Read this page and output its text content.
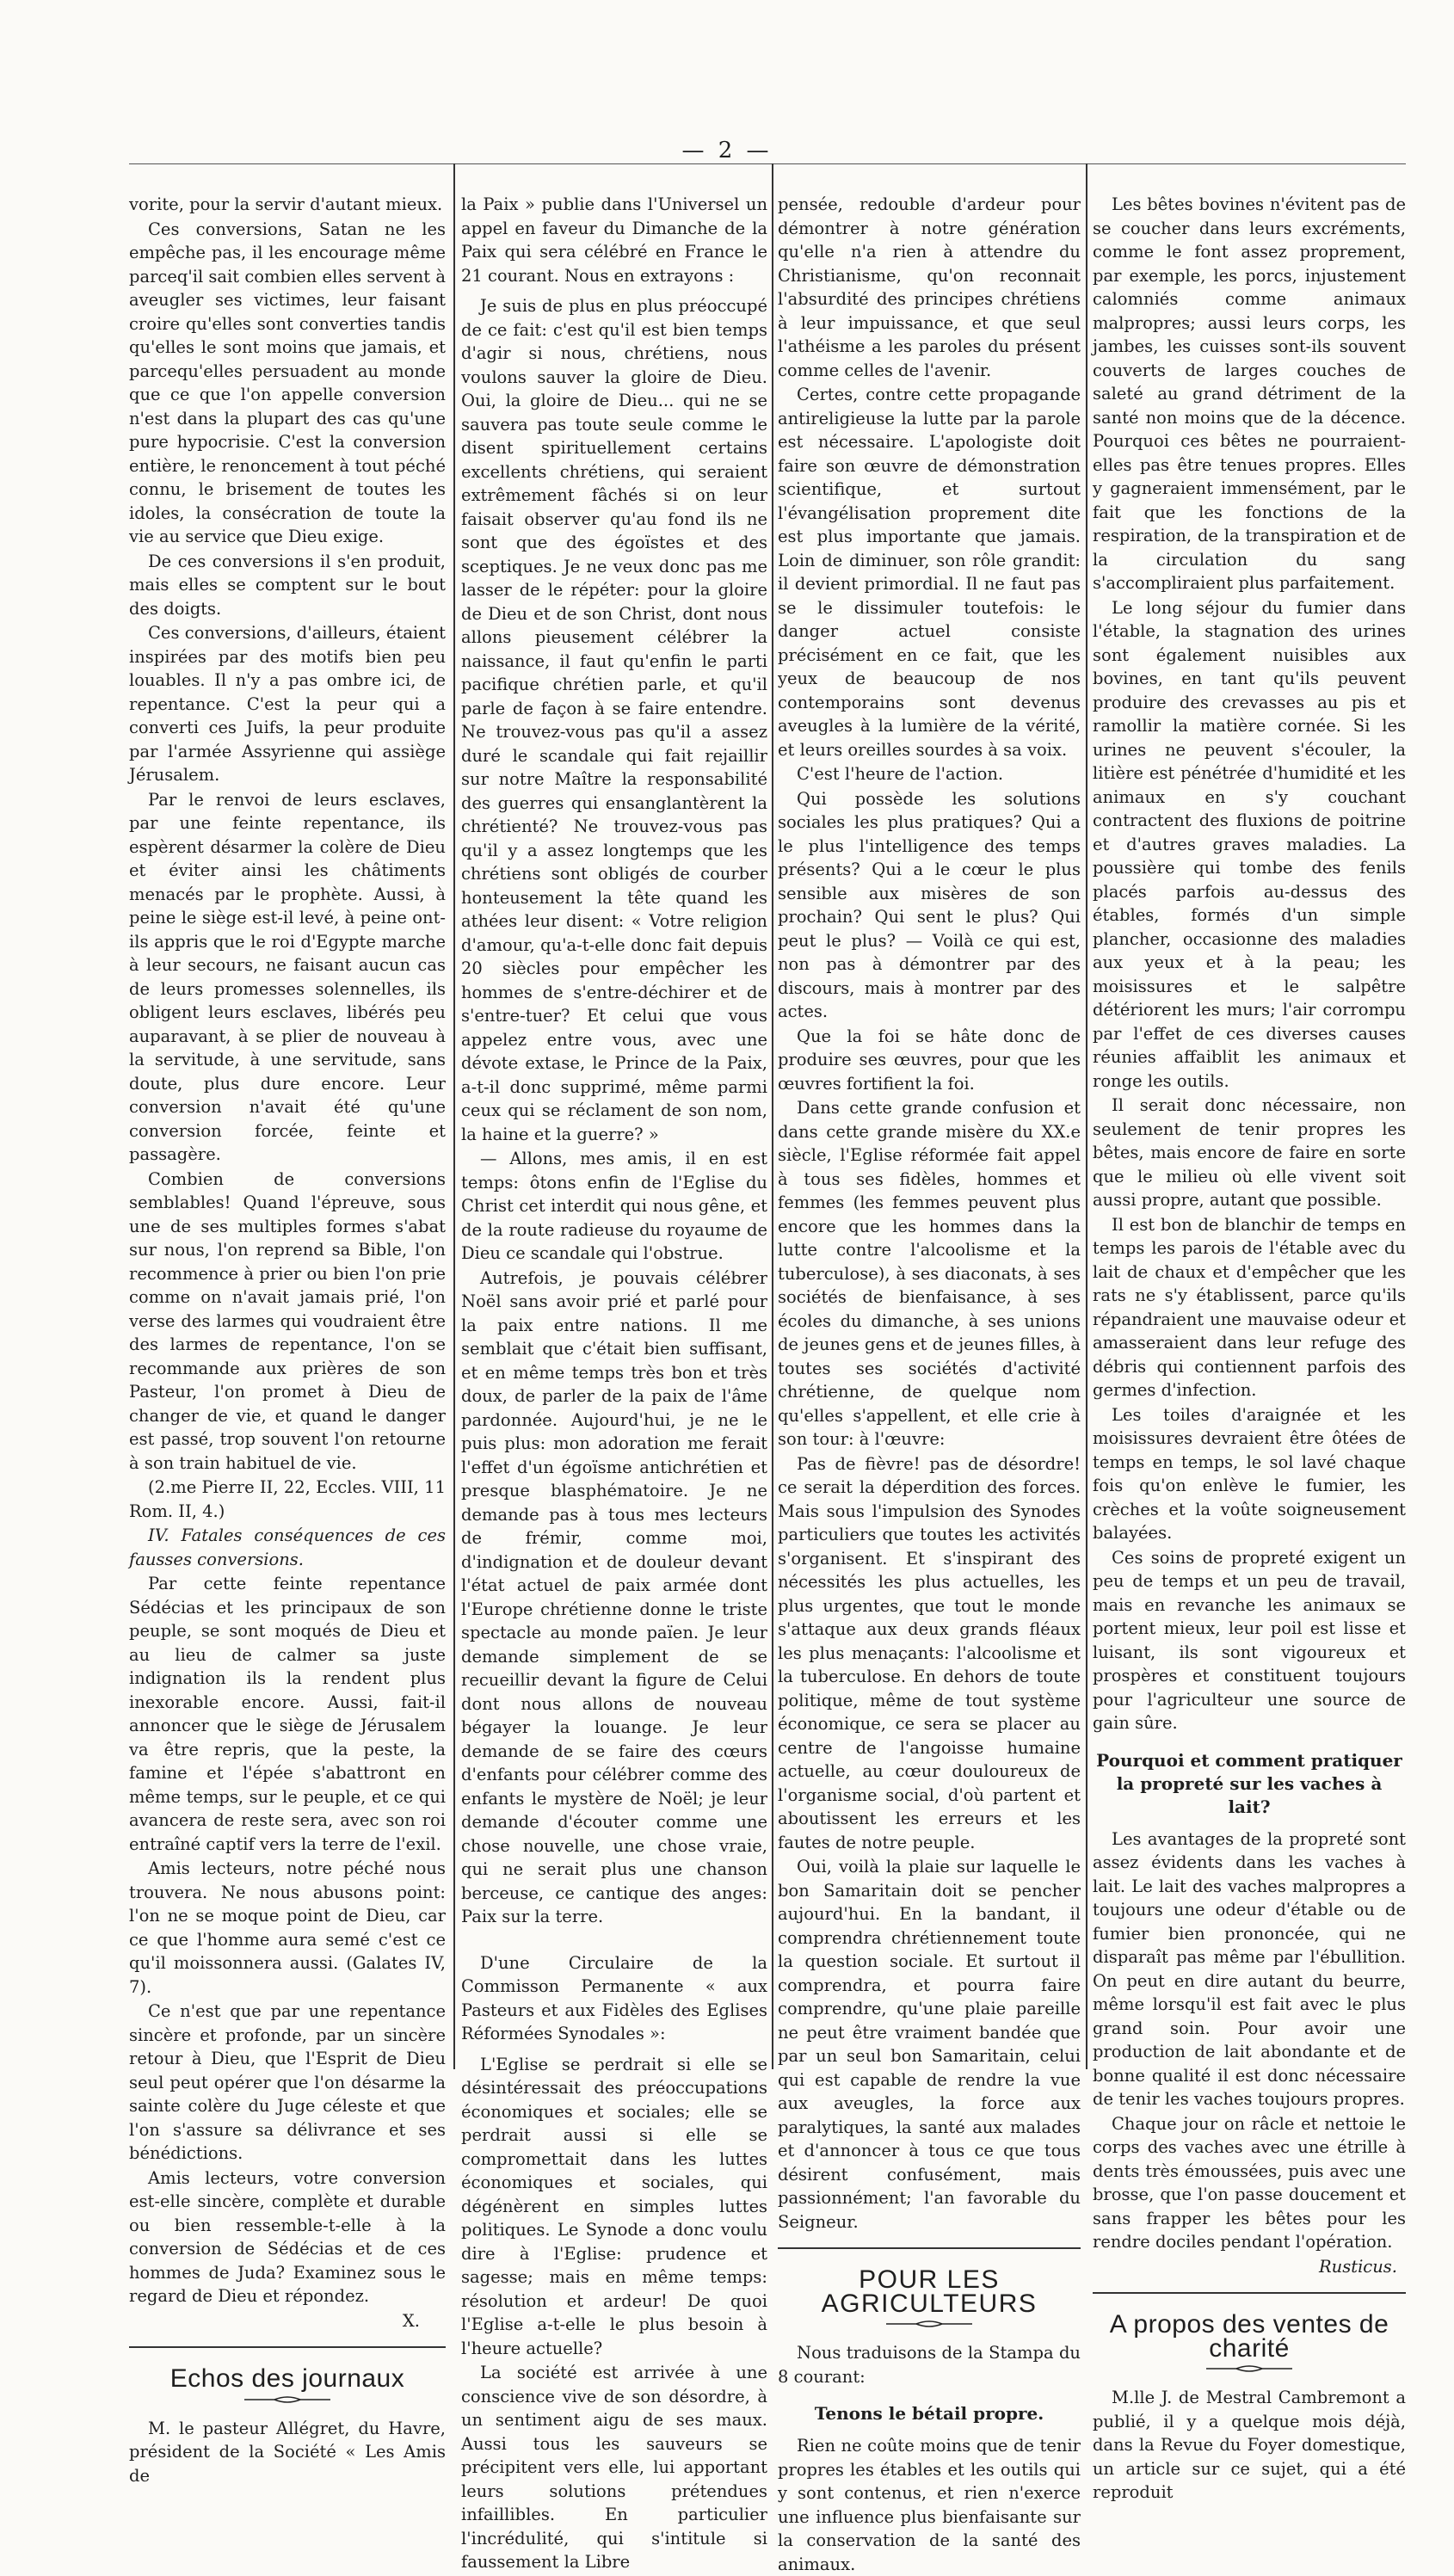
— 2 —

vorite, pour la servir d'autant mieux.

Ces conversions, Satan ne les empêche pas, il les encourage même parceq'il sait combien elles servent à aveugler ses victimes, leur faisant croire qu'elles sont converties tandis qu'elles le sont moins que jamais, et parcequ'elles persuadent au monde que ce que l'on appelle conversion n'est dans la plupart des cas qu'une pure hypocrisie. C'est la conversion entière, le renoncement à tout péché connu, le brisement de toutes les idoles, la consécration de toute la vie au service que Dieu exige.

De ces conversions il s'en produit, mais elles se comptent sur le bout des doigts.

Ces conversions, d'ailleurs, étaient inspirées par des motifs bien peu louables. Il n'y a pas ombre ici, de repentance. C'est la peur qui a converti ces Juifs, la peur produite par l'armée Assyrienne qui assiège Jérusalem.

Par le renvoi de leurs esclaves, par une feinte repentance, ils espèrent désarmer la colère de Dieu et éviter ainsi les châtiments menacés par le prophète. Aussi, à peine le siège est-il levé, à peine ont-ils appris que le roi d'Egypte marche à leur secours, ne faisant aucun cas de leurs promesses solennelles, ils obligent leurs esclaves, libérés peu auparavant, à se plier de nouveau à la servitude, à une servitude, sans doute, plus dure encore. Leur conversion n'avait été qu'une conversion forcée, feinte et passagère.

Combien de conversions semblables! Quand l'épreuve, sous une de ses multiples formes s'abat sur nous, l'on reprend sa Bible, l'on recommence à prier ou bien l'on prie comme on n'avait jamais prié, l'on verse des larmes qui voudraient être des larmes de repentance, l'on se recommande aux prières de son Pasteur, l'on promet à Dieu de changer de vie, et quand le danger est passé, trop souvent l'on retourne à son train habituel de vie.

(2.me Pierre II, 22, Eccles. VIII, 11 Rom. II, 4.)

IV. Fatales conséquences de ces fausses conversions.

Par cette feinte repentance Sédécias et les principaux de son peuple, se sont moqués de Dieu et au lieu de calmer sa juste indignation ils la rendent plus inexorable encore. Aussi, fait-il annoncer que le siège de Jérusalem va être repris, que la peste, la famine et l'épée s'abattront en même temps, sur le peuple, et ce qui avancera de reste sera, avec son roi entraîné captif vers la terre de l'exil.

Amis lecteurs, notre péché nous trouvera. Ne nous abusons point: l'on ne se moque point de Dieu, car ce que l'homme aura semé c'est ce qu'il moissonnera aussi. (Galates IV, 7).

Ce n'est que par une repentance sincère et profonde, par un sincère retour à Dieu, que l'Esprit de Dieu seul peut opérer que l'on désarme la sainte colère du Juge céleste et que l'on s'assure sa délivrance et ses bénédictions.

Amis lecteurs, votre conversion est-elle sincère, complète et durable ou bien ressemble-t-elle à la conversion de Sédécias et de ces hommes de Juda? Examinez sous le regard de Dieu et répondez.

X.

Echos des journaux

M. le pasteur Allégret, du Havre, président de la Société « Les Amis de

la Paix » publie dans l'Universel un appel en faveur du Dimanche de la Paix qui sera célébré en France le 21 courant. Nous en extrayons :

Je suis de plus en plus préoccupé de ce fait: c'est qu'il est bien temps d'agir si nous, chrétiens, nous voulons sauver la gloire de Dieu. Oui, la gloire de Dieu... qui ne se sauvera pas toute seule comme le disent spirituellement certains excellents chrétiens, qui seraient extrêmement fâchés si on leur faisait observer qu'au fond ils ne sont que des égoïstes et des sceptiques. Je ne veux donc pas me lasser de le répéter: pour la gloire de Dieu et de son Christ, dont nous allons pieusement célébrer la naissance, il faut qu'enfin le parti pacifique chrétien parle, et qu'il parle de façon à se faire entendre. Ne trouvez-vous pas qu'il a assez duré le scandale qui fait rejaillir sur notre Maître la responsabilité des guerres qui ensanglantèrent la chrétienté? Ne trouvez-vous pas qu'il y a assez longtemps que les chrétiens sont obligés de courber honteusement la tête quand les athées leur disent: « Votre religion d'amour, qu'a-t-elle donc fait depuis 20 siècles pour empêcher les hommes de s'entre-déchirer et de s'entre-tuer? Et celui que vous appelez entre vous, avec une dévote extase, le Prince de la Paix, a-t-il donc supprimé, même parmi ceux qui se réclament de son nom, la haine et la guerre? »

— Allons, mes amis, il en est temps: ôtons enfin de l'Eglise du Christ cet interdit qui nous gêne, et de la route radieuse du royaume de Dieu ce scandale qui l'obstrue.

Autrefois, je pouvais célébrer Noël sans avoir prié et parlé pour la paix entre nations. Il me semblait que c'était bien suffisant, et en même temps très bon et très doux, de parler de la paix de l'âme pardonnée. Aujourd'hui, je ne le puis plus: mon adoration me ferait l'effet d'un égoïsme antichrétien et presque blasphématoire. Je ne demande pas à tous mes lecteurs de frémir, comme moi, d'indignation et de douleur devant l'état actuel de paix armée dont l'Europe chrétienne donne le triste spectacle au monde païen. Je leur demande simplement de se recueillir devant la figure de Celui dont nous allons de nouveau bégayer la louange. Je leur demande de se faire des cœurs d'enfants pour célébrer comme des enfants le mystère de Noël; je leur demande d'écouter comme une chose nouvelle, une chose vraie, qui ne serait plus une chanson berceuse, ce cantique des anges: Paix sur la terre.

D'une Circulaire de la Commisson Permanente « aux Pasteurs et aux Fidèles des Eglises Réformées Synodales »:

L'Eglise se perdrait si elle se désintéressait des préoccupations économiques et sociales; elle se perdrait aussi si elle se compromettait dans les luttes économiques et sociales, qui dégénèrent en simples luttes politiques. Le Synode a donc voulu dire à l'Eglise: prudence et sagesse; mais en même temps: résolution et ardeur! De quoi l'Eglise a-t-elle le plus besoin à l'heure actuelle?

La société est arrivée à une conscience vive de son désordre, à un sentiment aigu de ses maux. Aussi tous les sauveurs se précipitent vers elle, lui apportant leurs solutions prétendues infaillibles. En particulier l'incrédulité, qui s'intitule si faussement la Libre

pensée, redouble d'ardeur pour démontrer à notre génération qu'elle n'a rien à attendre du Christianisme, qu'on reconnait l'absurdité des principes chrétiens à leur impuissance, et que seul l'athéisme a les paroles du présent comme celles de l'avenir.

Certes, contre cette propagande antireligieuse la lutte par la parole est nécessaire. L'apologiste doit faire son œuvre de démonstration scientifique, et surtout l'évangélisation proprement dite est plus importante que jamais. Loin de diminuer, son rôle grandit: il devient primordial. Il ne faut pas se le dissimuler toutefois: le danger actuel consiste précisément en ce fait, que les yeux de beaucoup de nos contemporains sont devenus aveugles à la lumière de la vérité, et leurs oreilles sourdes à sa voix.

C'est l'heure de l'action.

Qui possède les solutions sociales les plus pratiques? Qui a le plus l'intelligence des temps présents? Qui a le cœur le plus sensible aux misères de son prochain? Qui sent le plus? Qui peut le plus? — Voilà ce qui est, non pas à démontrer par des discours, mais à montrer par des actes.

Que la foi se hâte donc de produire ses œuvres, pour que les œuvres fortifient la foi.

Dans cette grande confusion et dans cette grande misère du XX.e siècle, l'Eglise réformée fait appel à tous ses fidèles, hommes et femmes (les femmes peuvent plus encore que les hommes dans la lutte contre l'alcoolisme et la tuberculose), à ses diaconats, à ses sociétés de bienfaisance, à ses écoles du dimanche, à ses unions de jeunes gens et de jeunes filles, à toutes ses sociétés d'activité chrétienne, de quelque nom qu'elles s'appellent, et elle crie à son tour: à l'œuvre:

Pas de fièvre! pas de désordre! ce serait la déperdition des forces. Mais sous l'impulsion des Synodes particuliers que toutes les activités s'organisent. Et s'inspirant des nécessités les plus actuelles, les plus urgentes, que tout le monde s'attaque aux deux grands fléaux les plus menaçants: l'alcoolisme et la tuberculose. En dehors de toute politique, même de tout système économique, ce sera se placer au centre de l'angoisse humaine actuelle, au cœur douloureux de l'organisme social, d'où partent et aboutissent les erreurs et les fautes de notre peuple.

Oui, voilà la plaie sur laquelle le bon Samaritain doit se pencher aujourd'hui. En la bandant, il comprendra chrétiennement toute la question sociale. Et surtout il comprendra, et pourra faire comprendre, qu'une plaie pareille ne peut être vraiment bandée que par un seul bon Samaritain, celui qui est capable de rendre la vue aux aveugles, la force aux paralytiques, la santé aux malades et d'annoncer à tous ce que tous désirent confusément, mais passionnément; l'an favorable du Seigneur.

POUR LES AGRICULTEURS

Nous traduisons de la Stampa du 8 courant:

Tenons le bétail propre.

Rien ne coûte moins que de tenir propres les étables et les outils qui y sont contenus, et rien n'exerce une influence plus bienfaisante sur la conservation de la santé des animaux.

Les bêtes bovines n'évitent pas de se coucher dans leurs excréments, comme le font assez proprement, par exemple, les porcs, injustement calomniés comme animaux malpropres; aussi leurs corps, les jambes, les cuisses sont-ils souvent couverts de larges couches de saleté au grand détriment de la santé non moins que de la décence. Pourquoi ces bêtes ne pourraient-elles pas être tenues propres. Elles y gagneraient immensément, par le fait que les fonctions de la respiration, de la transpiration et de la circulation du sang s'accompliraient plus parfaitement.

Le long séjour du fumier dans l'étable, la stagnation des urines sont également nuisibles aux bovines, en tant qu'ils peuvent produire des crevasses au pis et ramollir la matière cornée. Si les urines ne peuvent s'écouler, la litière est pénétrée d'humidité et les animaux en s'y couchant contractent des fluxions de poitrine et d'autres graves maladies. La poussière qui tombe des fenils placés parfois au-dessus des étables, formés d'un simple plancher, occasionne des maladies aux yeux et à la peau; les moisissures et le salpêtre détériorent les murs; l'air corrompu par l'effet de ces diverses causes réunies affaiblit les animaux et ronge les outils.

Il serait donc nécessaire, non seulement de tenir propres les bêtes, mais encore de faire en sorte que le milieu où elle vivent soit aussi propre, autant que possible.

Il est bon de blanchir de temps en temps les parois de l'étable avec du lait de chaux et d'empêcher que les rats ne s'y établissent, parce qu'ils répandraient une mauvaise odeur et amasseraient dans leur refuge des débris qui contiennent parfois des germes d'infection.

Les toiles d'araignée et les moisissures devraient être ôtées de temps en temps, le sol lavé chaque fois qu'on enlève le fumier, les crèches et la voûte soigneusement balayées.

Ces soins de propreté exigent un peu de temps et un peu de travail, mais en revanche les animaux se portent mieux, leur poil est lisse et luisant, ils sont vigoureux et prospères et constituent toujours pour l'agriculteur une source de gain sûre.

Pourquoi et comment pratiquer la propreté sur les vaches à lait?

Les avantages de la propreté sont assez évidents dans les vaches à lait. Le lait des vaches malpropres a toujours une odeur d'étable ou de fumier bien prononcée, qui ne disparaît pas même par l'ébullition. On peut en dire autant du beurre, même lorsqu'il est fait avec le plus grand soin. Pour avoir une production de lait abondante et de bonne qualité il est donc nécessaire de tenir les vaches toujours propres.

Chaque jour on râcle et nettoie le corps des vaches avec une étrille à dents très émoussées, puis avec une brosse, que l'on passe doucement et sans frapper les bêtes pour les rendre dociles pendant l'opération.

Rusticus.

A propos des ventes de charité

M.lle J. de Mestral Cambremont a publié, il y a quelque mois déjà, dans la Revue du Foyer domestique, un article sur ce sujet, qui a été reproduit
